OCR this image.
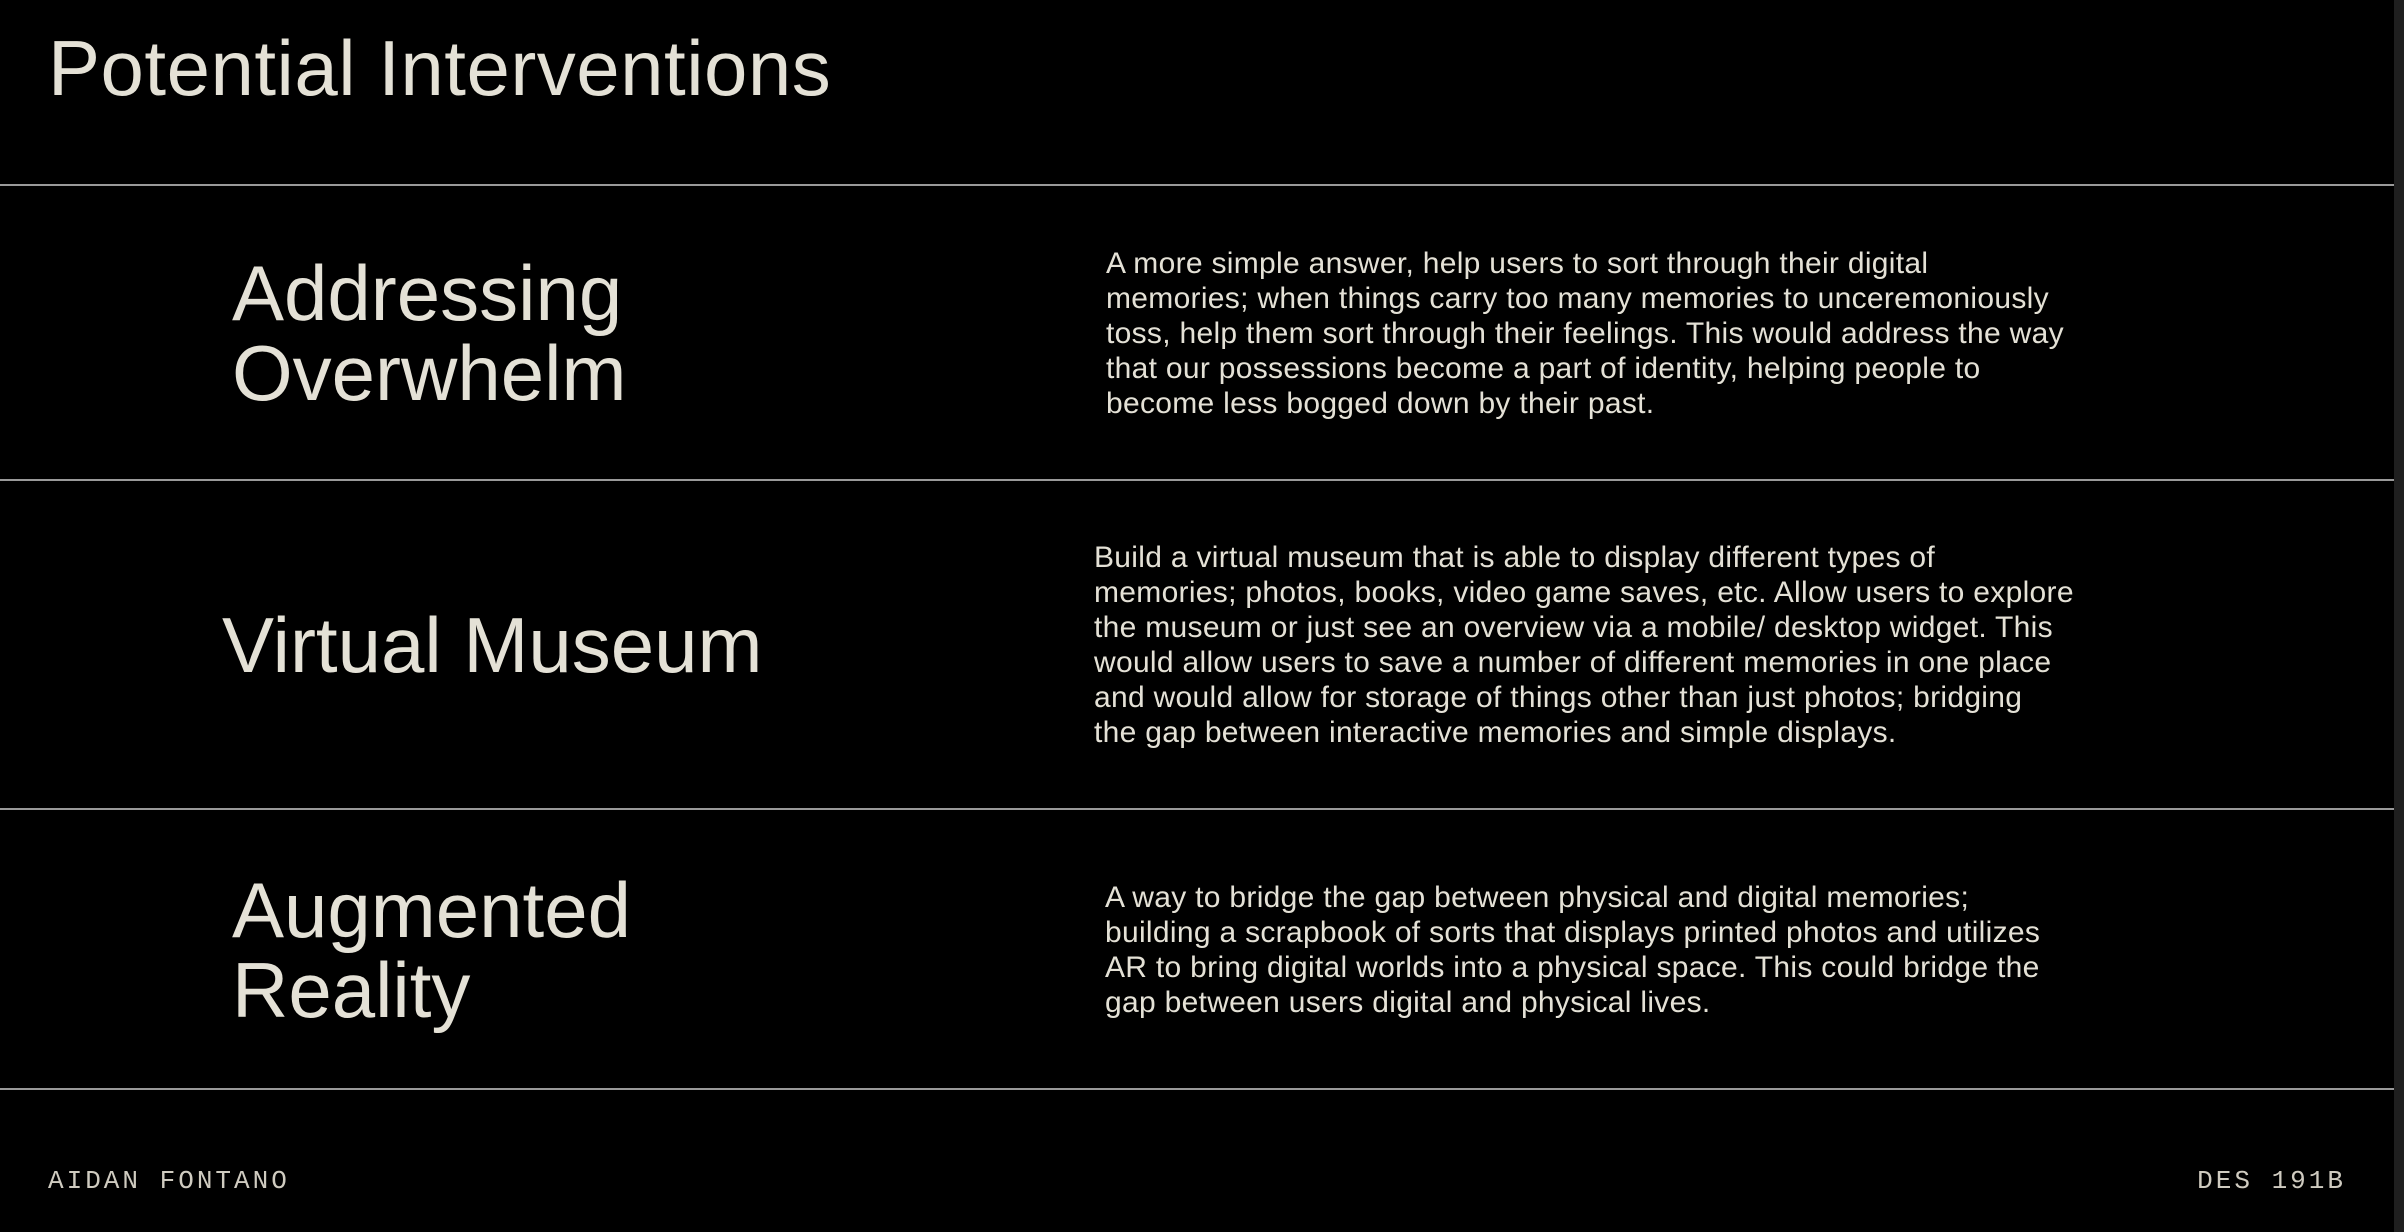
Potential Interventions
Addressing
Overwhelm

A more simple answer, help users to sort through their digital
memories; when things carry too many memories to unceremoniously
toss, help them sort through their feelings. This would address the way
that our possessions become a part of identity, helping people to
become less bogged down by their past.

Virtual Museum

Build a virtual museum that is able to display different types of
memories; photos, books, video game saves, etc. Allow users to explore
the museum or just see an overview via a mobile/ desktop widget. This
would allow users to save a number of different memories in one place
and would allow for storage of things other than just photos; bridging
the gap between interactive memories and simple displays.

Augmented
Reality

A way to bridge the gap between physical and digital memories;
building a scrapbook of sorts that displays printed photos and utilizes
AR to bring digital worlds into a physical space. This could bridge the
gap between users digital and physical lives.

AIDAN FONTANO	DES 191B
